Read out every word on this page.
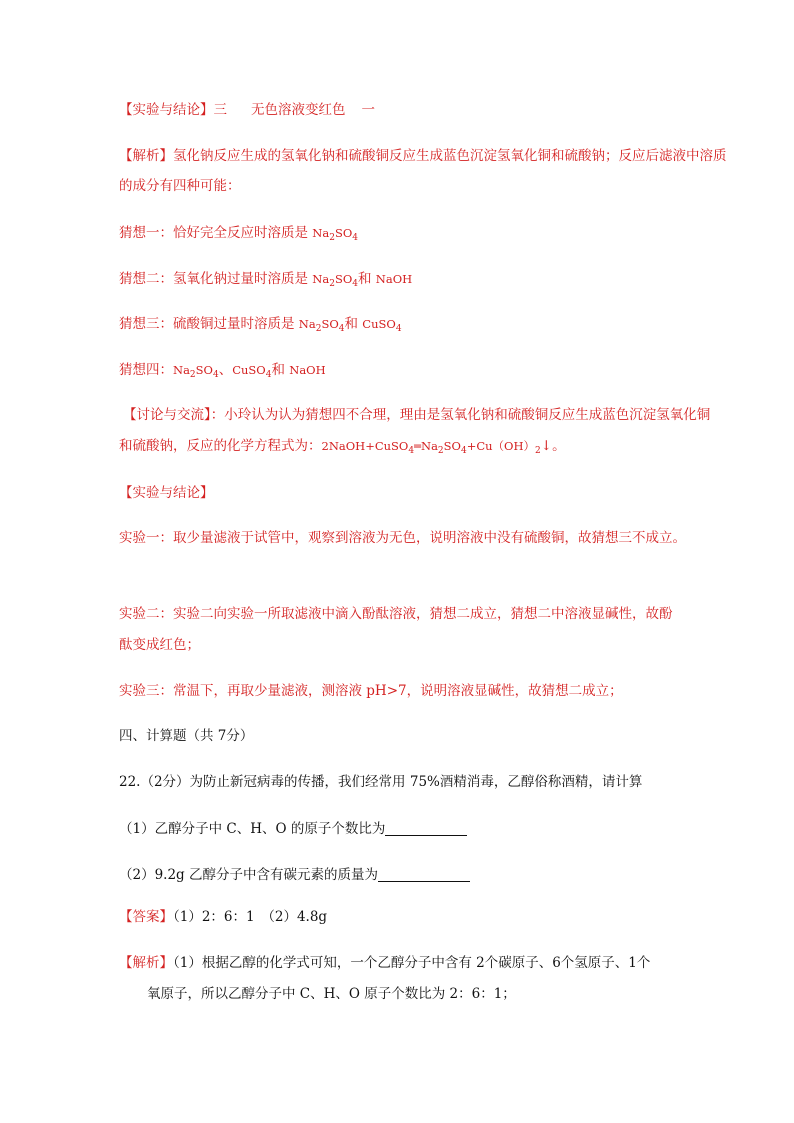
【实验与结论】三 无色溶液变红色 一
【解析】氢化钠反应生成的氢氧化钠和硫酸铜反应生成蓝色沉淀氢氧化铜和硫酸钠；反应后滤液中溶质
的成分有四种可能：
猜想一：恰好完全反应时溶质是 $Na_2SO_4$
猜想二：氢氧化钠过量时溶质是 $Na_2SO_4$和 NaOH
猜想三：硫酸铜过量时溶质是 $Na_2SO_4$和 CuSO$_4$
猜想四：$Na_2SO_4$、CuSO$_4$和 NaOH
【讨论与交流】：小玲认为认为猜想四不合理，理由是氢氧化钠和硫酸铜反应生成蓝色沉淀氢氧化铜
和硫酸钠，反应的化学方程式为：$2NaOH+CuSO_4═Na_2SO_4+Cu(OH)_2↓$。
【实验与结论】
实验一：取少量滤液于试管中，观察到溶液为无色，说明溶液中没有硫酸铜，故猜想三不成立。
实验二：实验二向实验一所取滤液中滴入酚酞溶液，猜想二成立，猜想二中溶液显碱性，故酚
酞变成红色；
实验三：常温下，再取少量滤液，测溶液 pH>7，说明溶液显碱性，故猜想二成立；
四、计算题（共 7分）
22.（2分）为防止新冠病毒的传播，我们经常用 75%酒精消毒，乙醇俗称酒精，请计算
（1）乙醇分子中 C、H、O 的原子个数比为
（2）9.2g 乙醇分子中含有碳元素的质量为
【答案】（1）2：6：1　（2）4.8g
【解析】（1）根据乙醇的化学式可知，一个乙醇分子中含有 2个碳原子、6个氢原子、1个
氧原子，所以乙醇分子中 C、H、O 原子个数比为 2：6：1；
